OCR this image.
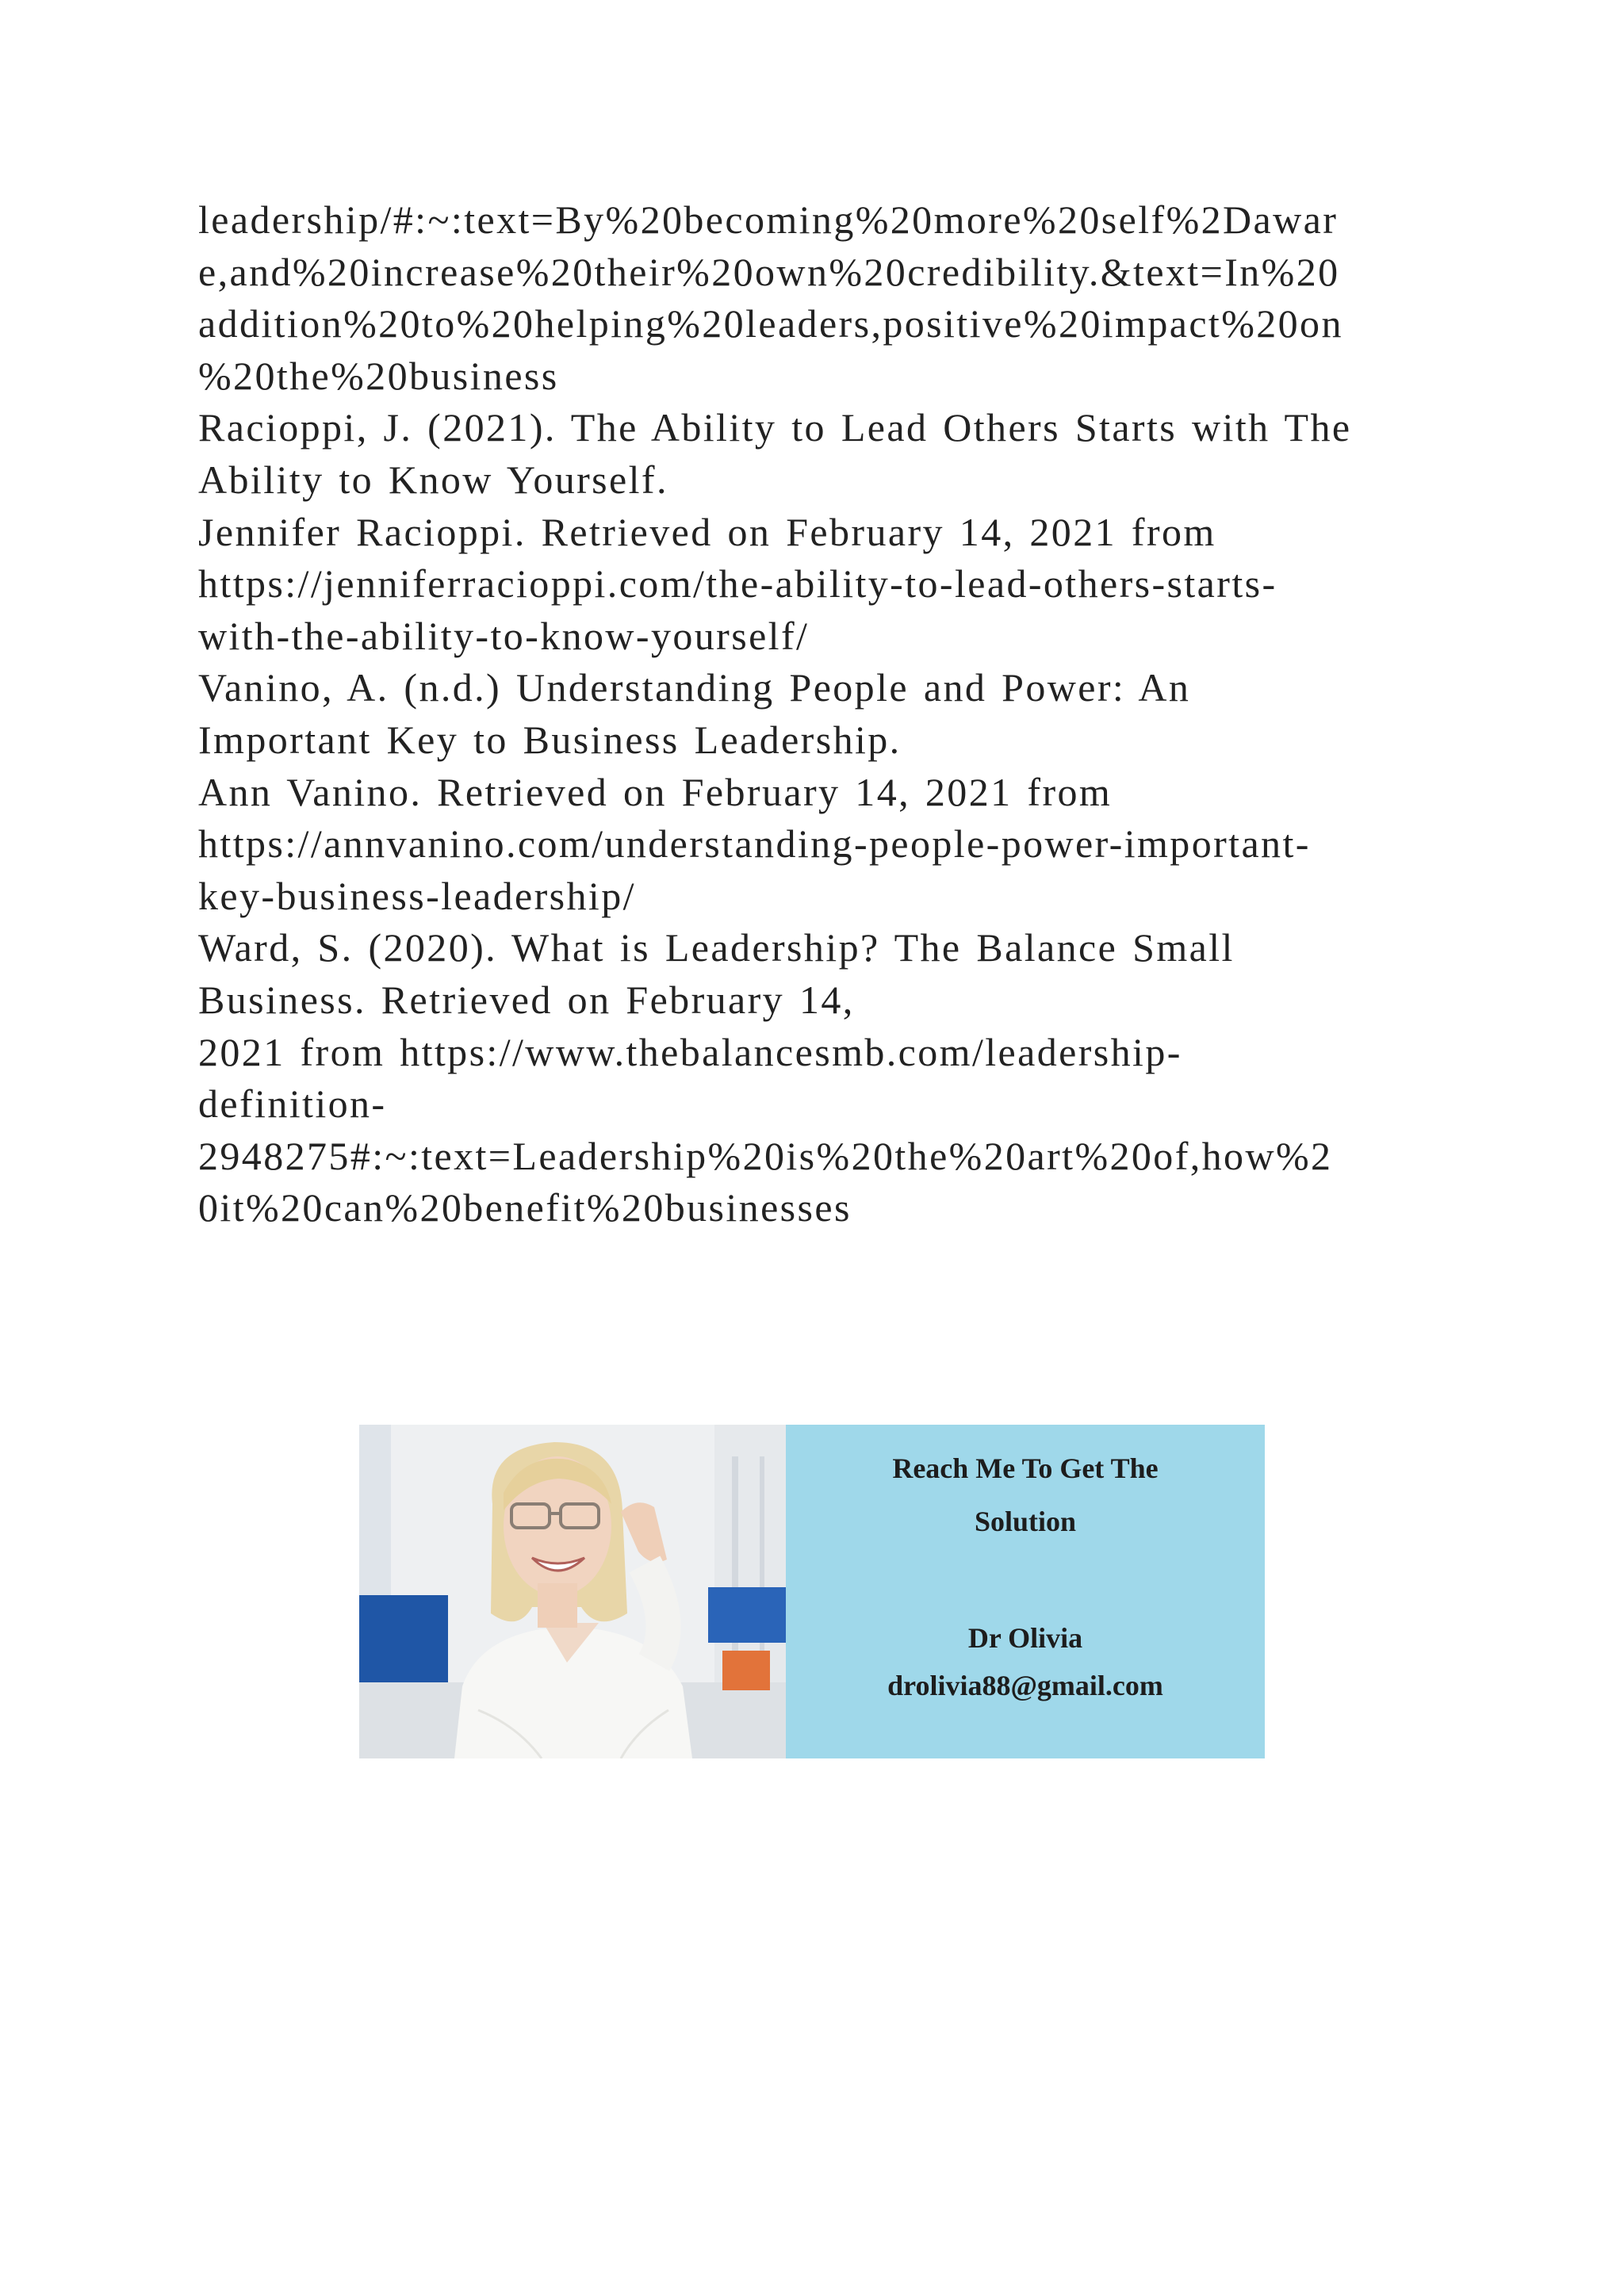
leadership/#:~:text=By%20becoming%20more%20self%2Dawar
e,and%20increase%20their%20own%20credibility.&text=In%20
addition%20to%20helping%20leaders,positive%20impact%20on
%20the%20business
Racioppi, J. (2021). The Ability to Lead Others Starts with The
Ability to Know Yourself.
Jennifer Racioppi. Retrieved on February 14, 2021 from
https://jenniferracioppi.com/the-ability-to-lead-others-starts-
with-the-ability-to-know-yourself/
Vanino, A. (n.d.) Understanding People and Power: An
Important Key to Business Leadership.
Ann Vanino. Retrieved on February 14, 2021 from
https://annvanino.com/understanding-people-power-important-
key-business-leadership/
Ward, S. (2020). What is Leadership? The Balance Small
Business. Retrieved on February 14,
2021 from https://www.thebalancesmb.com/leadership-
definition-
2948275#:~:text=Leadership%20is%20the%20art%20of,how%2
0it%20can%20benefit%20businesses
Reach Me To Get The
Solution
Dr Olivia
drolivia88@gmail.com
